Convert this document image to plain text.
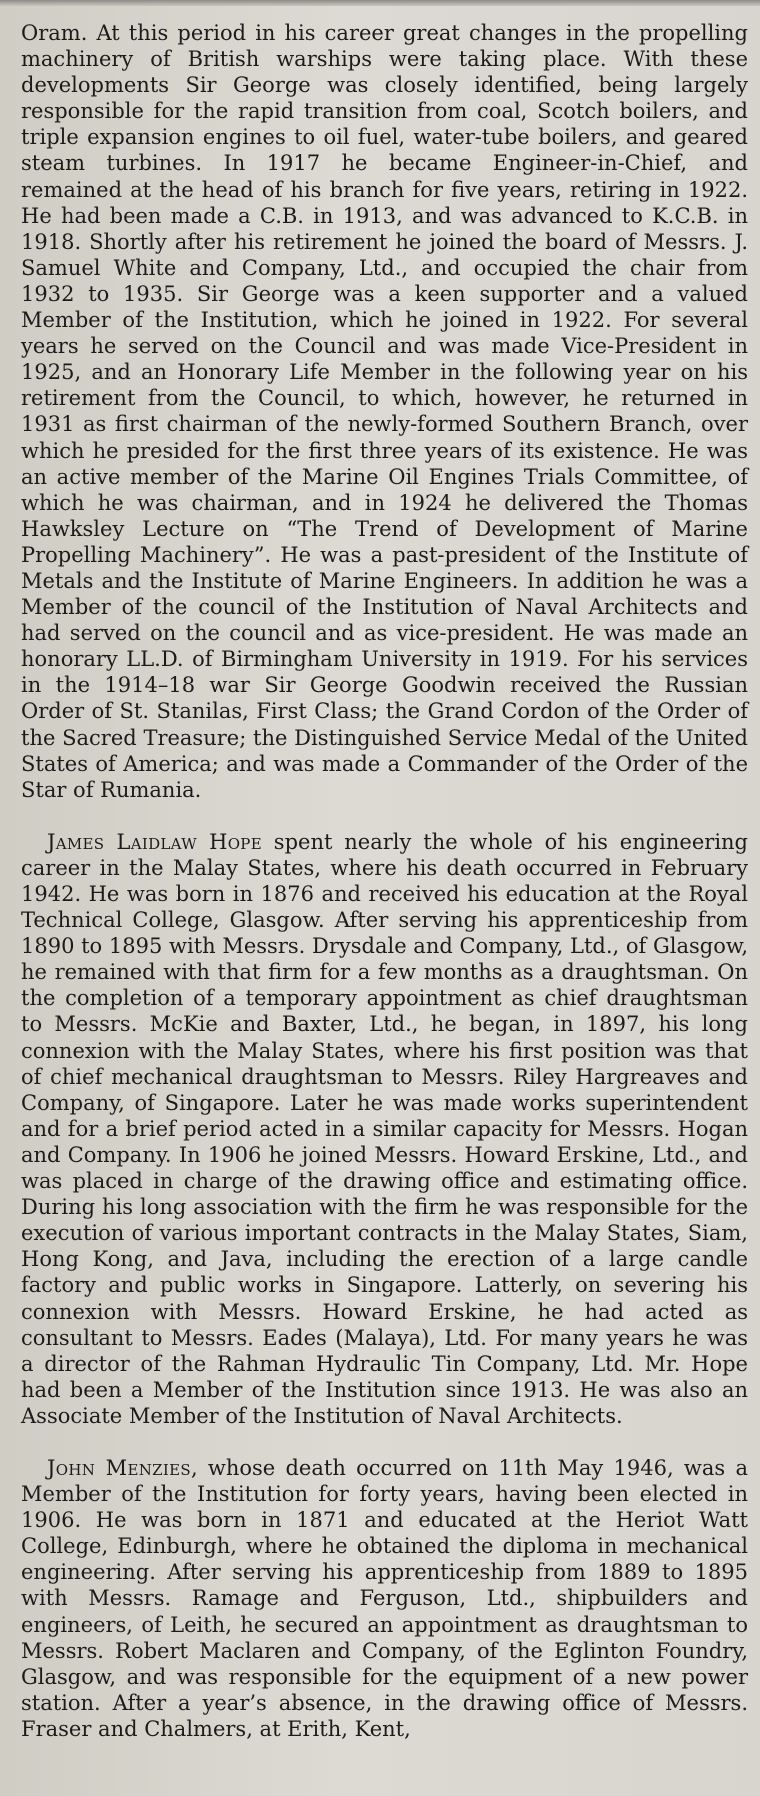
Oram. At this period in his career great changes in the propelling machinery of British warships were taking place. With these developments Sir George was closely identified, being largely responsible for the rapid transition from coal, Scotch boilers, and triple expansion engines to oil fuel, water-tube boilers, and geared steam turbines. In 1917 he became Engineer-in-Chief, and remained at the head of his branch for five years, retiring in 1922. He had been made a C.B. in 1913, and was advanced to K.C.B. in 1918. Shortly after his retirement he joined the board of Messrs. J. Samuel White and Company, Ltd., and occupied the chair from 1932 to 1935. Sir George was a keen supporter and a valued Member of the Institution, which he joined in 1922. For several years he served on the Council and was made Vice-President in 1925, and an Honorary Life Member in the following year on his retirement from the Council, to which, however, he returned in 1931 as first chairman of the newly-formed Southern Branch, over which he presided for the first three years of its existence. He was an active member of the Marine Oil Engines Trials Committee, of which he was chairman, and in 1924 he delivered the Thomas Hawksley Lecture on “The Trend of Development of Marine Propelling Machinery”. He was a past-president of the Institute of Metals and the Institute of Marine Engineers. In addition he was a Member of the council of the Institution of Naval Architects and had served on the council and as vice-president. He was made an honorary LL.D. of Birmingham University in 1919. For his services in the 1914–18 war Sir George Goodwin received the Russian Order of St. Stanilas, First Class; the Grand Cordon of the Order of the Sacred Treasure; the Distinguished Service Medal of the United States of America; and was made a Commander of the Order of the Star of Rumania.

James Laidlaw Hope spent nearly the whole of his engineering career in the Malay States, where his death occurred in February 1942. He was born in 1876 and received his education at the Royal Technical College, Glasgow. After serving his apprenticeship from 1890 to 1895 with Messrs. Drysdale and Company, Ltd., of Glasgow, he remained with that firm for a few months as a draughtsman. On the completion of a temporary appointment as chief draughtsman to Messrs. McKie and Baxter, Ltd., he began, in 1897, his long connexion with the Malay States, where his first position was that of chief mechanical draughtsman to Messrs. Riley Hargreaves and Company, of Singapore. Later he was made works superintendent and for a brief period acted in a similar capacity for Messrs. Hogan and Company. In 1906 he joined Messrs. Howard Erskine, Ltd., and was placed in charge of the drawing office and estimating office. During his long association with the firm he was responsible for the execution of various important contracts in the Malay States, Siam, Hong Kong, and Java, including the erection of a large candle factory and public works in Singapore. Latterly, on severing his connexion with Messrs. Howard Erskine, he had acted as consultant to Messrs. Eades (Malaya), Ltd. For many years he was a director of the Rahman Hydraulic Tin Company, Ltd. Mr. Hope had been a Member of the Institution since 1913. He was also an Associate Member of the Institution of Naval Architects.

John Menzies, whose death occurred on 11th May 1946, was a Member of the Institution for forty years, having been elected in 1906. He was born in 1871 and educated at the Heriot Watt College, Edinburgh, where he obtained the diploma in mechanical engineering. After serving his apprenticeship from 1889 to 1895 with Messrs. Ramage and Ferguson, Ltd., shipbuilders and engineers, of Leith, he secured an appointment as draughtsman to Messrs. Robert Maclaren and Company, of the Eglinton Foundry, Glasgow, and was responsible for the equipment of a new power station. After a year’s absence, in the drawing office of Messrs. Fraser and Chalmers, at Erith, Kent,
